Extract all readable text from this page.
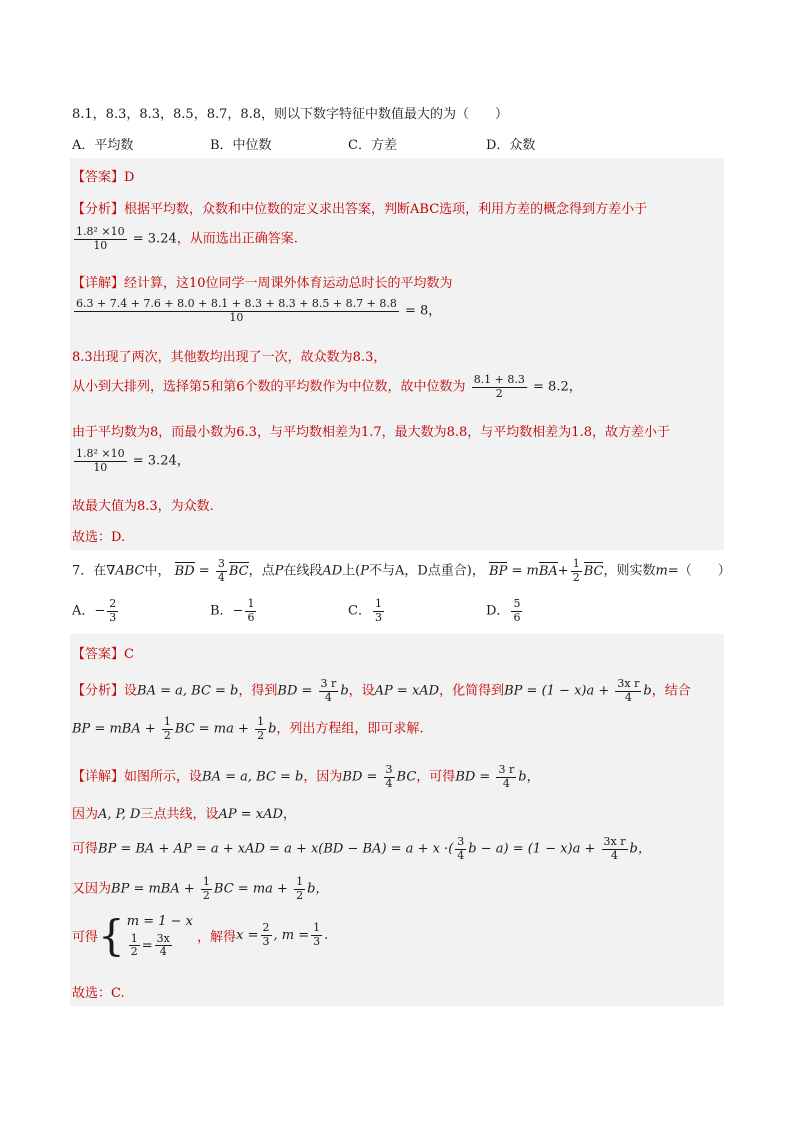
8.1，8.3，8.3，8.5，8.7，8.8，则以下数字特征中数值最大的为（　　）
A．平均数	B．中位数	C．方差	D．众数
【答案】D
【分析】根据平均数，众数和中位数的定义求出答案，判断ABC选项，利用方差的概念得到方差小于
$\frac{\text{1.8² ×10}}{10} = 3.24$，从而选出正确答案.
【详解】经计算，这10位同学一周课外体育运动总时长的平均数为
$\frac{6.3 + 7.4 + 7.6 + 8.0 + 8.1 + 8.3 + 8.3 + 8.5 + 8.7 + 8.8}{10} = 8$，
8.3出现了两次，其他数均出现了一次，故众数为8.3，
从小到大排列，选择第5和第6个数的平均数作为中位数，故中位数为 $\frac{8.1 + 8.3}{2} = 8.2$，
由于平均数为8，而最小数为6.3，与平均数相差为1.7，最大数为8.8，与平均数相差为1.8，故方差小于
$\frac{\text{1.8² ×10}}{10} = 3.24$，
故最大值为8.3，为众数.
故选：D.
7．在∇ABC中， BD = $\frac{3}{4}$ BC，点P在线段AD上(P不与A，D点重合)， BP = $mBA+ \frac{1}{2}$ BC，则实数m=（　　）
A．− $\frac{2}{3}$	B．− $\frac{1}{6}$	C． $\frac{1}{3}$	D． $\frac{5}{6}$
【答案】C
【分析】设BA = a, BC = b，得到BD = $\frac{3 r}{4}$ b，设AP = xAD，化简得到BP = $(1 - x)a + \frac{\text{3x r}}{4}$ b，结合
BP = mBA + $\frac{1}{2}$ BC = ma + $\frac{1}{2}$ b，列出方程组，即可求解.
【详解】如图所示，设BA = a, BC = b，因为BD = $\frac{3}{4}$ BC，可得BD = $\frac{3 r}{4}$ b，
因为A, P, D三点共线，设AP = xAD，
可得BP = BA + AP = a + xAD = a + x(BD − BA) = a + x ·( $\frac{3}{4}$ $b - a) = (1 - x)a + \frac{\text{3x r}}{4}$ b，
又因为BP = mBA + $\frac{1}{2}$ BC = ma + $\frac{1}{2}$ b，
可得{ m = 1 − x
$\frac{1}{2} = \frac{3x}{4}$ ，解得$x = \frac{2}{3}$ , $m = \frac{1}{3}$ .
故选：C.
